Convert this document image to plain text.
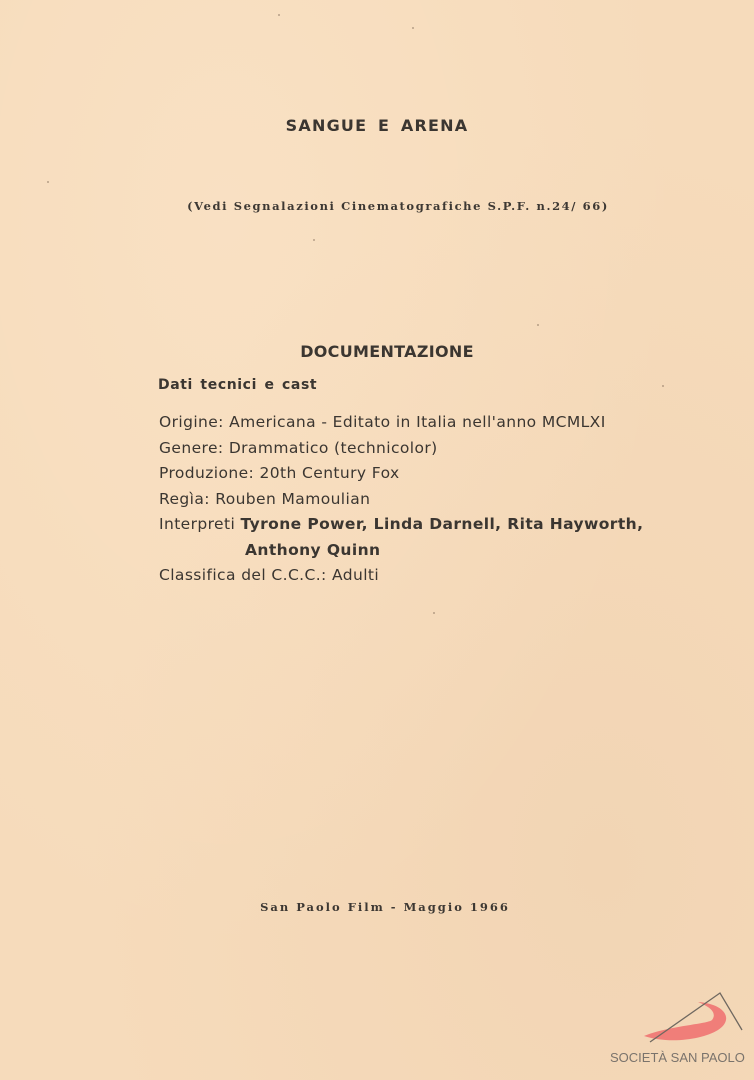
SANGUE E ARENA
(Vedi Segnalazioni Cinematografiche S.P.F. n.24/ 66)
DOCUMENTAZIONE
Dati tecnici e cast
Origine: Americana - Editato in Italia nell'anno MCMLXI
Genere: Drammatico (technicolor)
Produzione: 20th Century Fox
Regìa: Rouben Mamoulian
Interpreti Tyrone Power, Linda Darnell, Rita Hayworth,
Anthony Quinn
Classifica del C.C.C.: Adulti
San Paolo Film - Maggio 1966
SOCIETÀ SAN PAOLO
